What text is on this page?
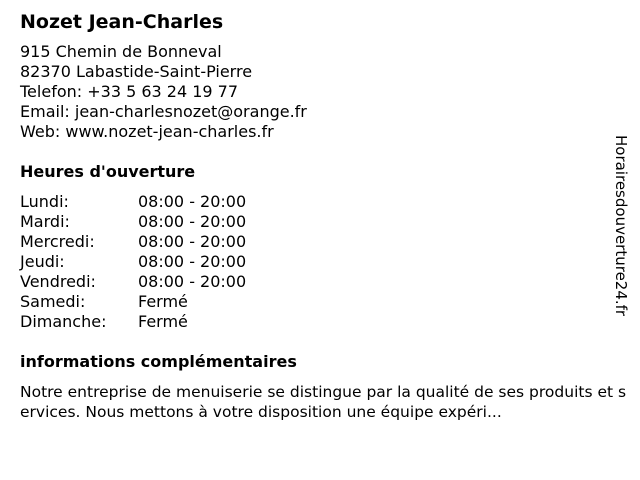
Nozet Jean-Charles
915 Chemin de Bonneval
82370 Labastide-Saint-Pierre
Telefon: +33 5 63 24 19 77
Email: jean-charlesnozet@orange.fr
Web: www.nozet-jean-charles.fr
Heures d'ouverture
Lundi:	08:00 - 20:00
Mardi:	08:00 - 20:00
Mercredi:	08:00 - 20:00
Jeudi:	08:00 - 20:00
Vendredi:	08:00 - 20:00
Samedi:	Fermé
Dimanche:	Fermé
informations complémentaires
Notre entreprise de menuiserie se distingue par la qualité de ses produits et services. Nous mettons à votre disposition une équipe expéri...
Horairesdouverture24.fr
